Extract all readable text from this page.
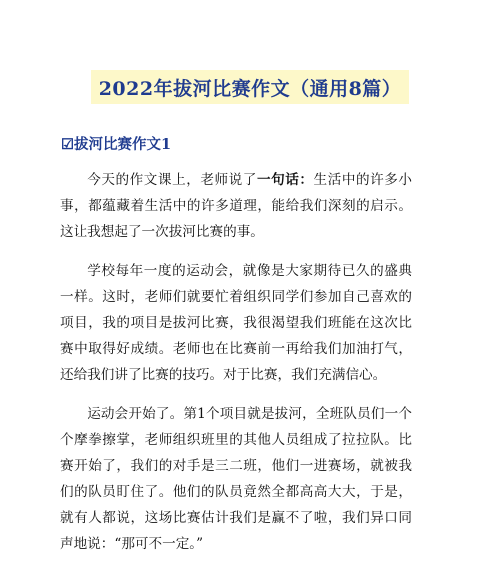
2022年拔河比赛作文（通用8篇）
☑拔河比赛作文1

今天的作文课上，老师说了一句话：生活中的许多小事，都蕴藏着生活中的许多道理，能给我们深刻的启示。这让我想起了一次拔河比赛的事。

学校每年一度的运动会，就像是大家期待已久的盛典一样。这时，老师们就要忙着组织同学们参加自己喜欢的项目，我的项目是拔河比赛，我很渴望我们班能在这次比赛中取得好成绩。老师也在比赛前一再给我们加油打气，还给我们讲了比赛的技巧。对于比赛，我们充满信心。

运动会开始了。第1个项目就是拔河，全班队员们一个个摩拳擦掌，老师组织班里的其他人员组成了拉拉队。比赛开始了，我们的对手是三二班，他们一进赛场，就被我们的队员盯住了。他们的队员竟然全都高高大大，于是，就有人都说，这场比赛估计我们是赢不了啦，我们异口同声地说：“那可不一定。”
